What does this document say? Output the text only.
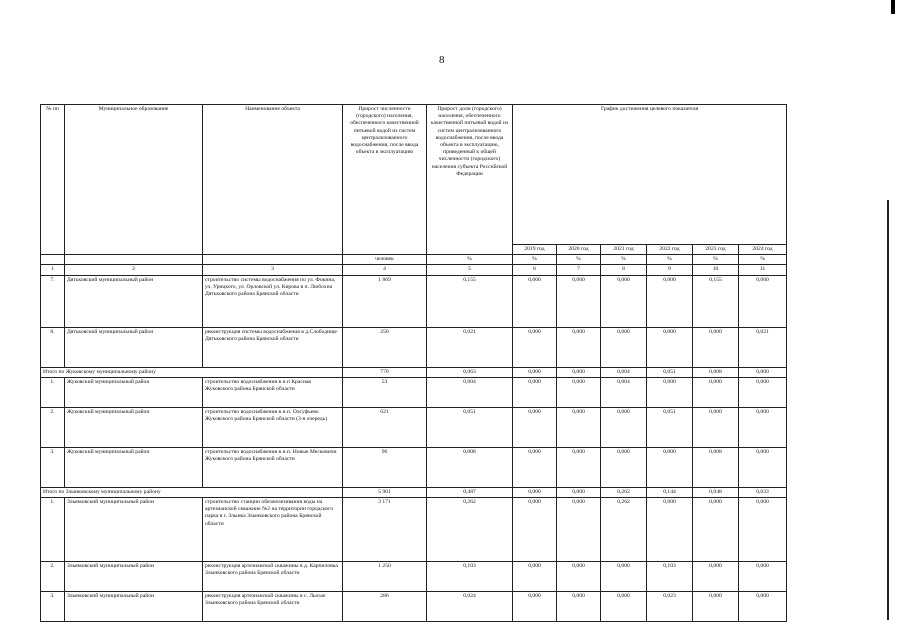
8
№ пп	Муниципальное образование	Наименование объекта	Прирост численности (городского) населения, обеспеченного качественной питьевой водой из систем централизованного водоснабжения, после ввода объекта в эксплуатацию	Прирост доли (городского) населения, обеспеченного качественной питьевой водой из систем централизованного водоснабжения, после ввода объекта в эксплуатацию, приведенный к общей численности (городского) населения субъекта Российской Федерации	График достижения целевого показателя					
					2019 год	2020 год	2021 год	2022 год	2023 год	2024 год
			человек	%	%	%	%	%	%	%
1	2	3	4	5	6	7	8	9	10	11
7.	Дятьковский муниципальный район	строительство системы водоснабжения по ул. Фокина, ул. Урицкого, ул. Орловской ул. Кирова в п. Любохна Дятьковского района Брянской области	1 869	0,155	0,000	0,000	0,000	0,000	0,155	0,000
8.	Дятьковский муниципальный район	реконструкция системы водоснабжения в д.Слободище Дятьковского района Брянской области	250	0,021	0,000	0,000	0,000	0,000	0,000	0,021
Итого по Жуковскому муниципальному району			770	0,063	0,000	0,000	0,004	0,051	0,008	0,000
1.	Жуковский муниципальный район	строительство водоснабжения в н.п Красная Жуковского района Брянской области	53	0,004	0,000	0,000	0,004	0,000	0,000	0,000
2.	Жуковский муниципальный район	строительство водоснабжения в н.п. Олсуфьево Жуковского района Брянской области (3-я очередь)	621	0,051	0,000	0,000	0,000	0,051	0,000	0,000
3.	Жуковский муниципальный район	строительство водоснабжения в н.п. Новые Месковичи Жуковского района Брянской области	96	0,008	0,000	0,000	0,000	0,000	0,008	0,000
Итого по Злынковскому муниципальному району			5 901	0,487	0,000	0,000	0,262	0,144	0,048	0,033
1.	Злынковский муниципальный район	строительство станции обезжелезивания воды на артезианской скважине №2 на территории городского парка в г. Злынка Злынковского района Брянской области	3 171	0,262	0,000	0,000	0,262	0,000	0,000	0,000
2.	Злынковский муниципальный район	реконструкция артезианской скважины в д. Карпиловка Злынковского района Брянской области	1 250	0,103	0,000	0,000	0,000	0,103	0,000	0,000
3.	Злынковский муниципальный район	реконструкция артезианской скважины в с. Лысые Злынковского района Брянской области	286	0,024	0,000	0,000	0,000	0,023	0,000	0,000
